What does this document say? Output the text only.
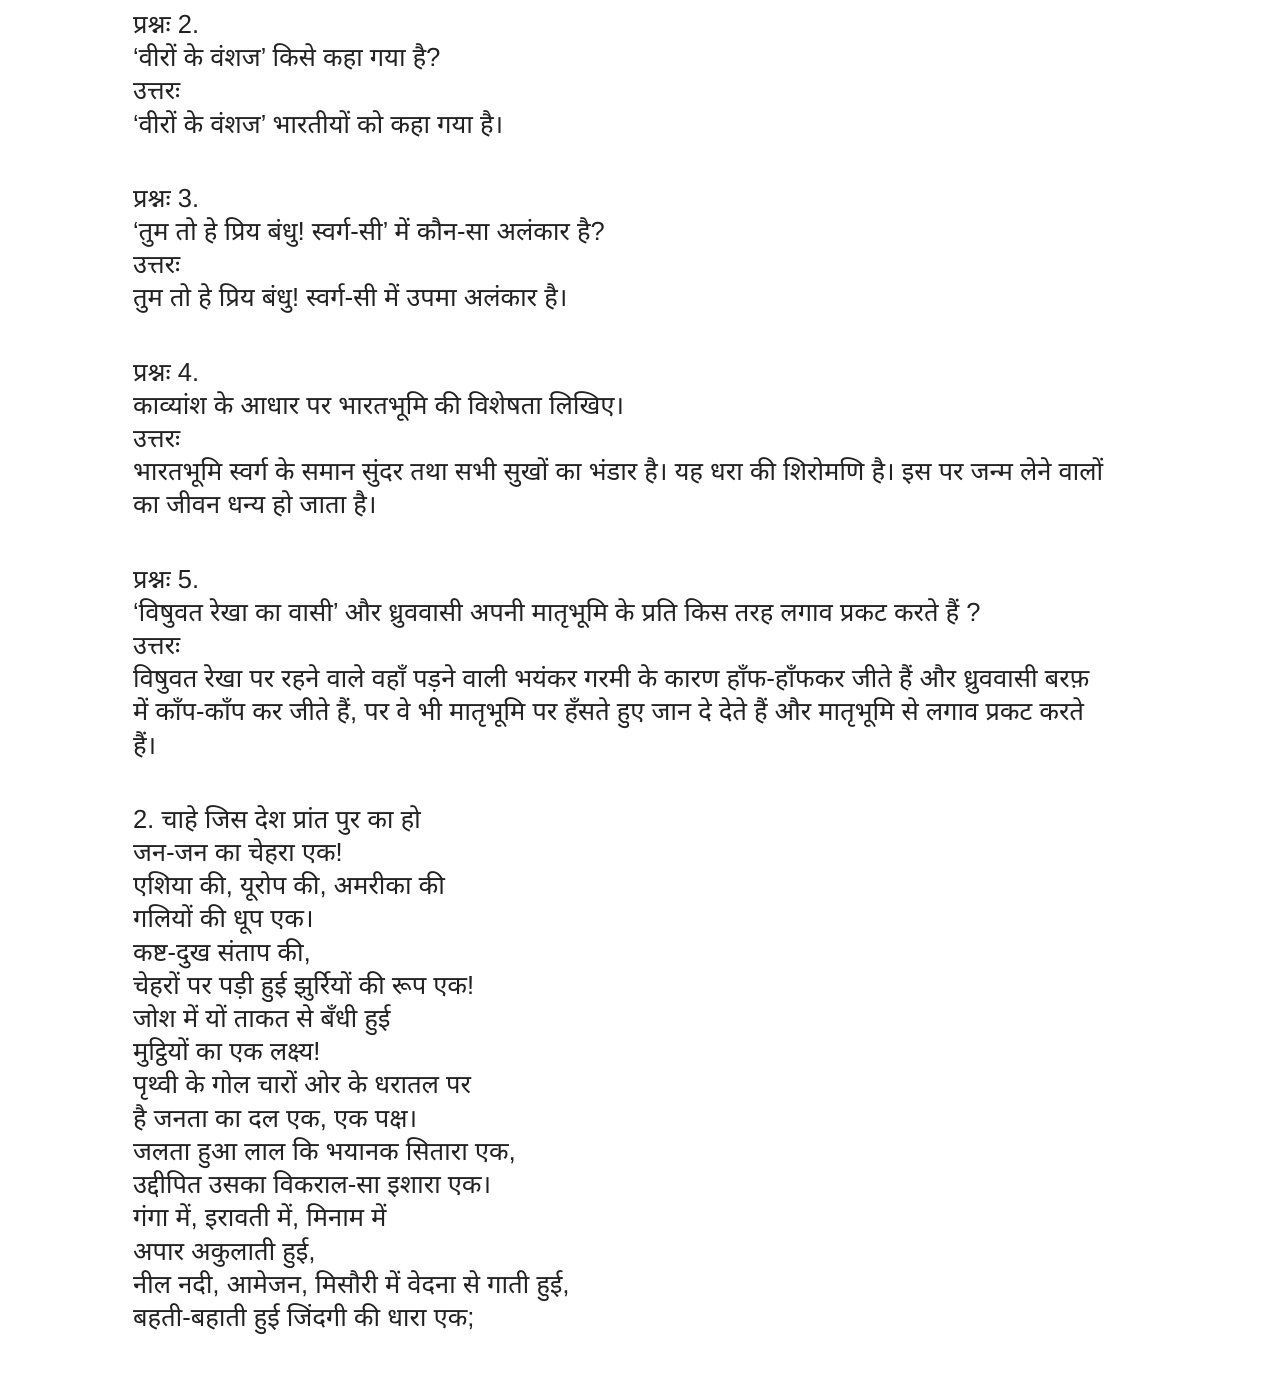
प्रश्नः 2.
‘वीरों के वंशज’ किसे कहा गया है?
उत्तरः
‘वीरों के वंशज’ भारतीयों को कहा गया है।
प्रश्नः 3.
‘तुम तो हे प्रिय बंधु! स्वर्ग-सी’ में कौन-सा अलंकार है?
उत्तरः
तुम तो हे प्रिय बंधु! स्वर्ग-सी में उपमा अलंकार है।
प्रश्नः 4.
काव्यांश के आधार पर भारतभूमि की विशेषता लिखिए।
उत्तरः
भारतभूमि स्वर्ग के समान सुंदर तथा सभी सुखों का भंडार है। यह धरा की शिरोमणि है। इस पर जन्म लेने वालों का जीवन धन्य हो जाता है।
प्रश्नः 5.
‘विषुवत रेखा का वासी’ और ध्रुववासी अपनी मातृभूमि के प्रति किस तरह लगाव प्रकट करते हैं ?
उत्तरः
विषुवत रेखा पर रहने वाले वहाँ पड़ने वाली भयंकर गरमी के कारण हाँफ-हाँफकर जीते हैं और ध्रुववासी बरफ़ में काँप-काँप कर जीते हैं, पर वे भी मातृभूमि पर हँसते हुए जान दे देते हैं और मातृभूमि से लगाव प्रकट करते हैं।
2. चाहे जिस देश प्रांत पुर का हो
जन-जन का चेहरा एक!
एशिया की, यूरोप की, अमरीका की
गलियों की धूप एक।
कष्ट-दुख संताप की,
चेहरों पर पड़ी हुई झुर्रियों की रूप एक!
जोश में यों ताकत से बँधी हुई
मुट्ठियों का एक लक्ष्य!
पृथ्वी के गोल चारों ओर के धरातल पर
है जनता का दल एक, एक पक्ष।
जलता हुआ लाल कि भयानक सितारा एक,
उद्दीपित उसका विकराल-सा इशारा एक।
गंगा में, इरावती में, मिनाम में
अपार अकुलाती हुई,
नील नदी, आमेजन, मिसौरी में वेदना से गाती हुई,
बहती-बहाती हुई जिंदगी की धारा एक;
